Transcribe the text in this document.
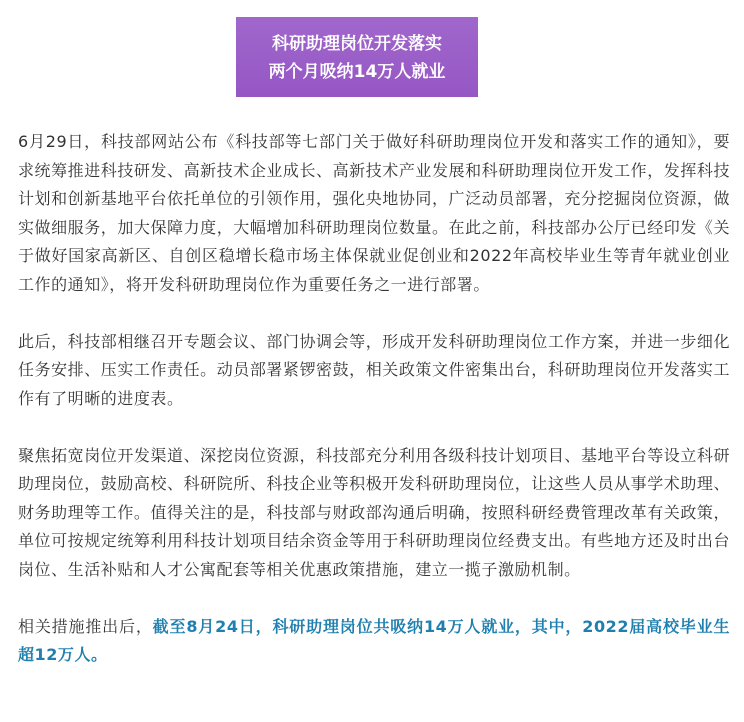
科研助理岗位开发落实
两个月吸纳14万人就业

6月29日，科技部网站公布《科技部等七部门关于做好科研助理岗位开发和落实工作的通知》，要求统筹推进科技研发、高新技术企业成长、高新技术产业发展和科研助理岗位开发工作，发挥科技计划和创新基地平台依托单位的引领作用，强化央地协同，广泛动员部署，充分挖掘岗位资源，做实做细服务，加大保障力度，大幅增加科研助理岗位数量。在此之前，科技部办公厅已经印发《关于做好国家高新区、自创区稳增长稳市场主体保就业促创业和2022年高校毕业生等青年就业创业工作的通知》，将开发科研助理岗位作为重要任务之一进行部署。

此后，科技部相继召开专题会议、部门协调会等，形成开发科研助理岗位工作方案，并进一步细化任务安排、压实工作责任。动员部署紧锣密鼓，相关政策文件密集出台，科研助理岗位开发落实工作有了明晰的进度表。

聚焦拓宽岗位开发渠道、深挖岗位资源，科技部充分利用各级科技计划项目、基地平台等设立科研助理岗位，鼓励高校、科研院所、科技企业等积极开发科研助理岗位，让这些人员从事学术助理、财务助理等工作。值得关注的是，科技部与财政部沟通后明确，按照科研经费管理改革有关政策，单位可按规定统筹利用科技计划项目结余资金等用于科研助理岗位经费支出。有些地方还及时出台岗位、生活补贴和人才公寓配套等相关优惠政策措施，建立一揽子激励机制。

相关措施推出后，截至8月24日，科研助理岗位共吸纳14万人就业，其中，2022届高校毕业生超12万人。
